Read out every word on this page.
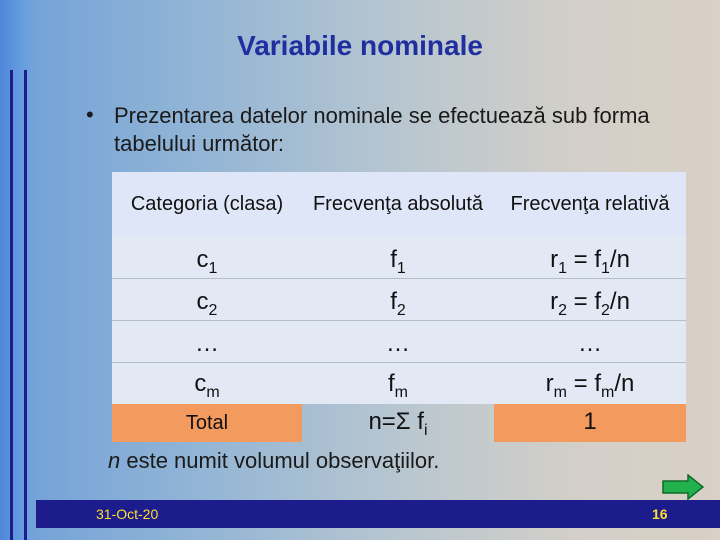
Variabile nominale
• Prezentarea datelor nominale se efectuează sub forma tabelului următor:
Categoria (clasa)	Frecvenţa absolută	Frecvenţa relativă
$c_1$	$f_1$	$r_1 = f_1/n$
$c_2$	$f_2$	$r_2 = f_2/n$
…	…	…
$c_m$	$f_m$	$r_m = f_m/n$
Total	n=Σ $f_i$	1
n este numit volumul observaţiilor.
31-Oct-20	16
